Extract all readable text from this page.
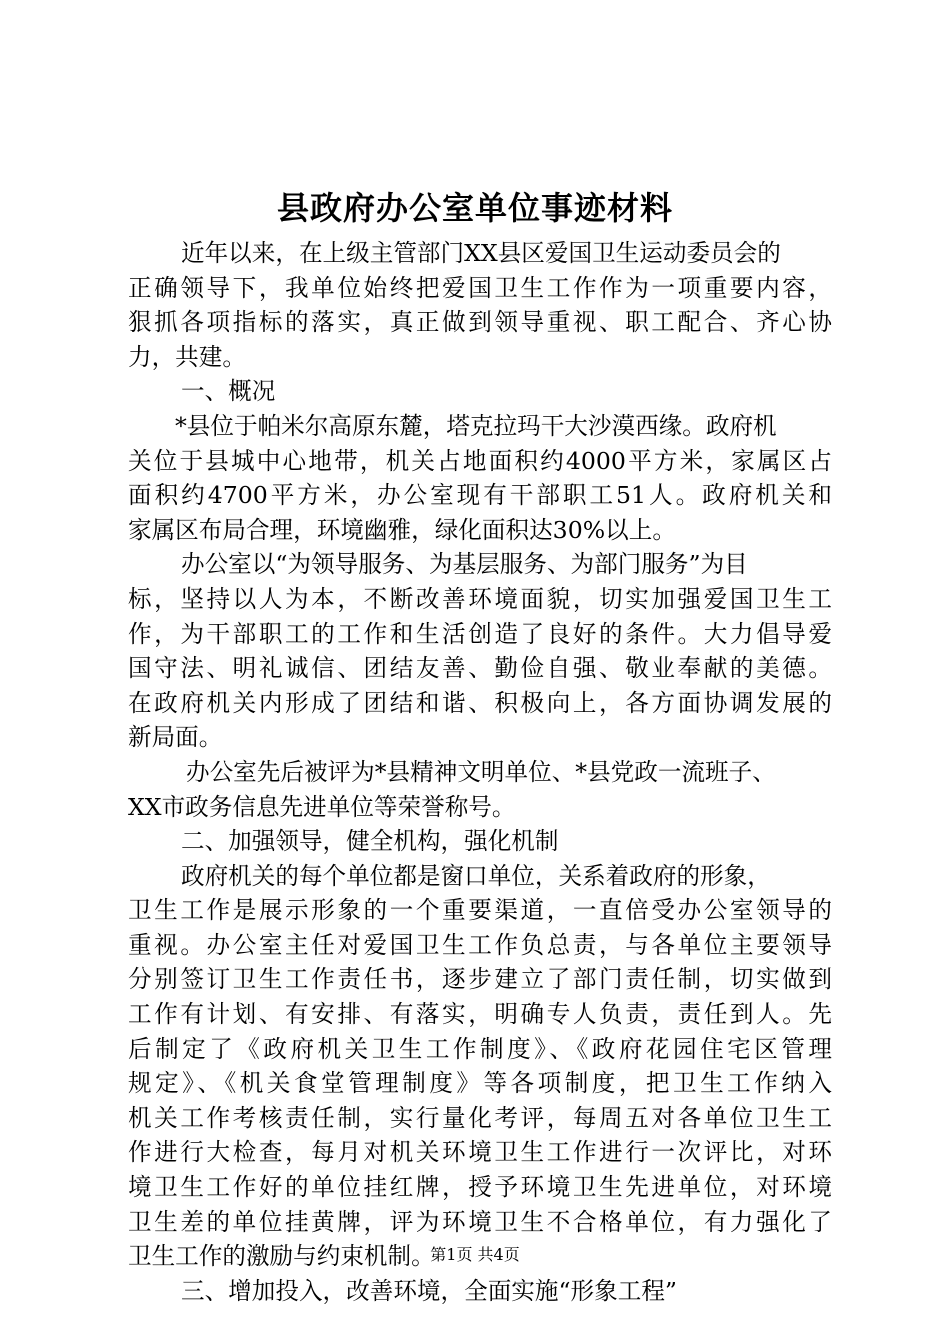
县政府办公室单位事迹材料
近年以来，在上级主管部门XX县区爱国卫生运动委员会的
正确领导下，我单位始终把爱国卫生工作作为一项重要内容，
狠抓各项指标的落实，真正做到领导重视、职工配合、齐心协
力，共建。
一、概况
*县位于帕米尔高原东麓，塔克拉玛干大沙漠西缘。政府机
关位于县城中心地带，机关占地面积约4000平方米，家属区占
面积约4700平方米，办公室现有干部职工51人。政府机关和
家属区布局合理，环境幽雅，绿化面积达30%以上。
办公室以“为领导服务、为基层服务、为部门服务”为目
标，坚持以人为本，不断改善环境面貌，切实加强爱国卫生工
作，为干部职工的工作和生活创造了良好的条件。大力倡导爱
国守法、明礼诚信、团结友善、勤俭自强、敬业奉献的美德。
在政府机关内形成了团结和谐、积极向上，各方面协调发展的
新局面。
办公室先后被评为*县精神文明单位、*县党政一流班子、
XX市政务信息先进单位等荣誉称号。
二、加强领导，健全机构，强化机制
政府机关的每个单位都是窗口单位，关系着政府的形象，
卫生工作是展示形象的一个重要渠道，一直倍受办公室领导的
重视。办公室主任对爱国卫生工作负总责，与各单位主要领导
分别签订卫生工作责任书，逐步建立了部门责任制，切实做到
工作有计划、有安排、有落实，明确专人负责，责任到人。先
后制定了《政府机关卫生工作制度》、《政府花园住宅区管理
规定》、《机关食堂管理制度》等各项制度，把卫生工作纳入
机关工作考核责任制，实行量化考评，每周五对各单位卫生工
作进行大检查，每月对机关环境卫生工作进行一次评比，对环
境卫生工作好的单位挂红牌，授予环境卫生先进单位，对环境
卫生差的单位挂黄牌，评为环境卫生不合格单位，有力强化了
卫生工作的激励与约束机制。
三、增加投入，改善环境，全面实施“形象工程”
第1页 共4页
